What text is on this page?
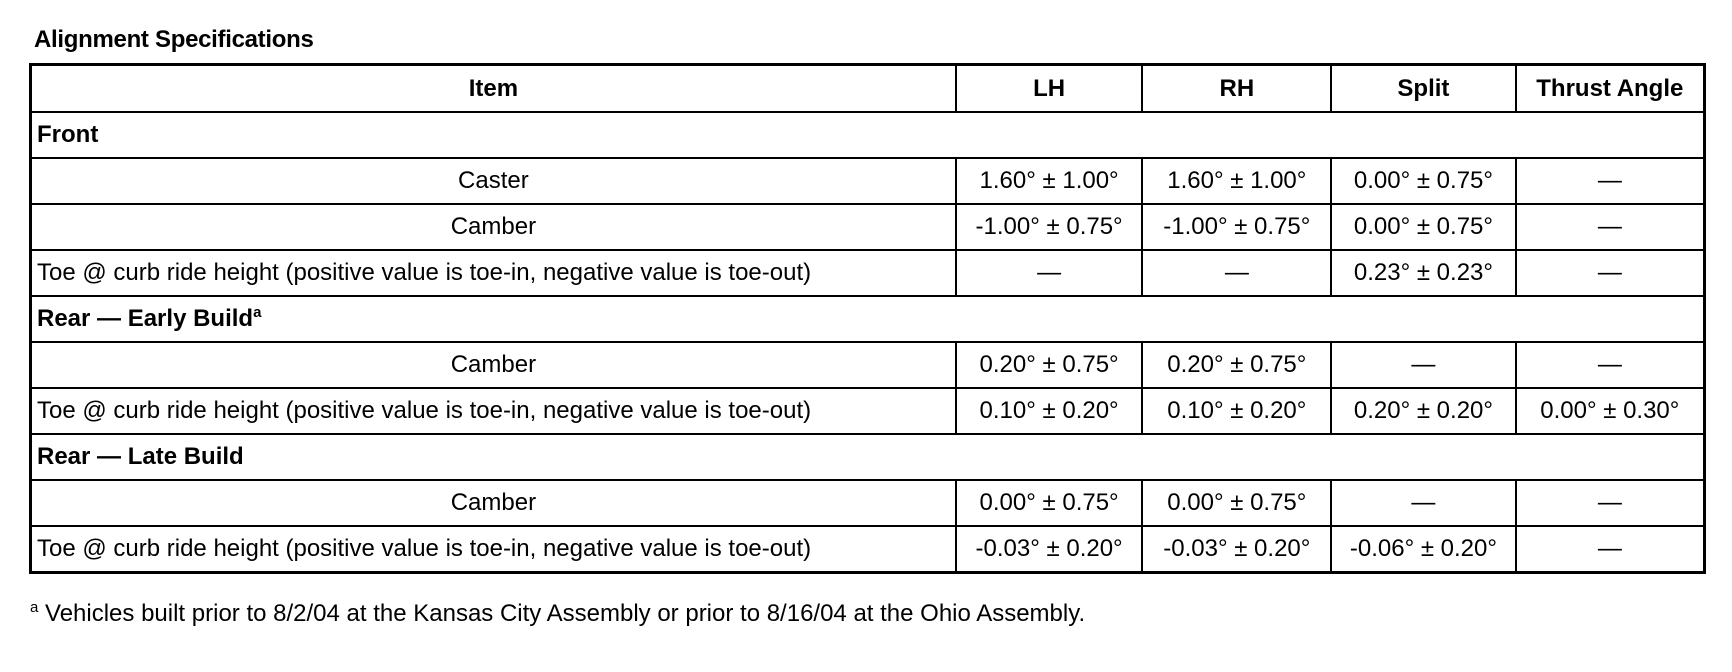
Alignment Specifications
Item	LH	RH	Split	Thrust Angle
Front				
Caster	1.60° ± 1.00°	1.60° ± 1.00°	0.00° ± 0.75°	—
Camber	-1.00° ± 0.75°	-1.00° ± 0.75°	0.00° ± 0.75°	—
Toe @ curb ride height (positive value is toe-in, negative value is toe-out)	—	—	0.23° ± 0.23°	—
Rear — Early Build$^a$
Camber	0.20° ± 0.75°	0.20° ± 0.75°	—	—
Toe @ curb ride height (positive value is toe-in, negative value is toe-out)	0.10° ± 0.20°	0.10° ± 0.20°	0.20° ± 0.20°	0.00° ± 0.30°
Rear — Late Build				
Camber	0.00° ± 0.75°	0.00° ± 0.75°	—	—
Toe @ curb ride height (positive value is toe-in, negative value is toe-out)	-0.03° ± 0.20°	-0.03° ± 0.20°	-0.06° ± 0.20°	—
$^a$ Vehicles built prior to 8/2/04 at the Kansas City Assembly or prior to 8/16/04 at the Ohio Assembly.
